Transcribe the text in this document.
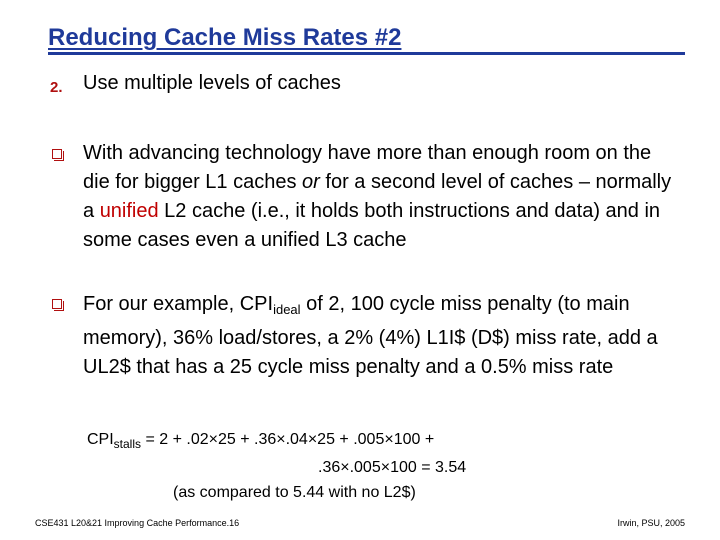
Reducing Cache Miss Rates #2
2. Use multiple levels of caches
With advancing technology have more than enough room on the die for bigger L1 caches or for a second level of caches – normally a unified L2 cache (i.e., it holds both instructions and data) and in some cases even a unified L3 cache
For our example, $CPI_{ideal}$ of 2, 100 cycle miss penalty (to main memory), 36% load/stores, a 2% (4%) L1I$ (D$) miss rate, add a UL2$ that has a 25 cycle miss penalty and a 0.5% miss rate
$CPI_{stalls} = 2 + .02\times 25 + .36\times.04\times 25 + .005\times 100$ +
.36×.005×100 = 3.54
(as compared to 5.44 with no L2$)
CSE431 L20&21 Improving Cache Performance.16	Irwin, PSU, 2005
